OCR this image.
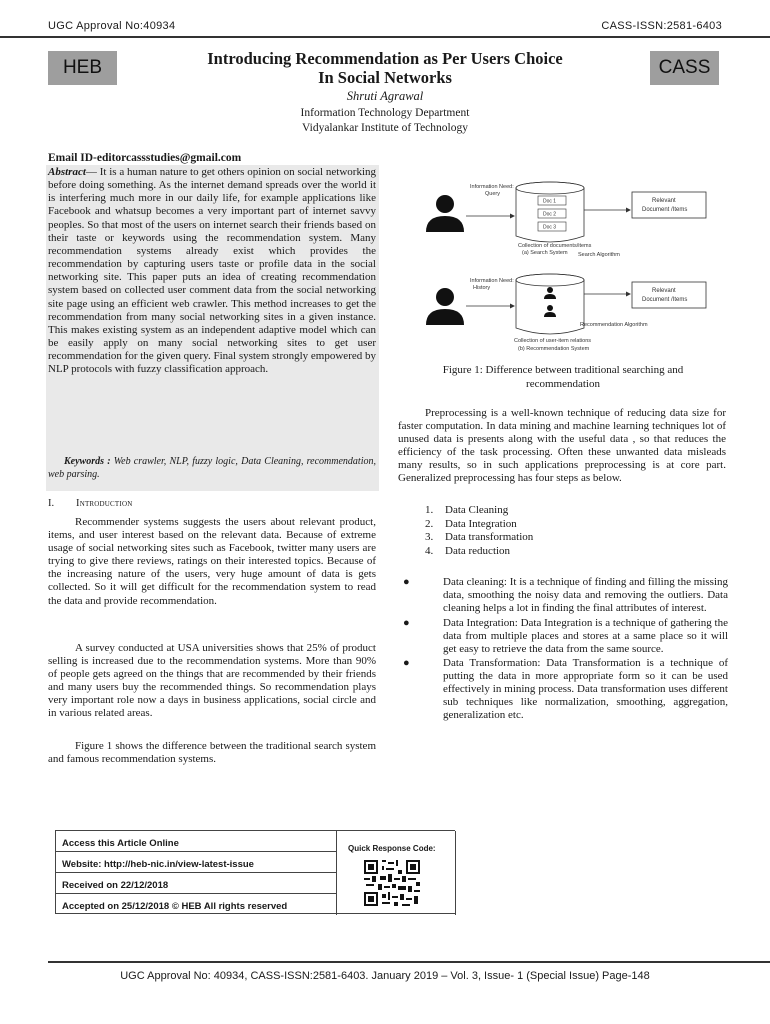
UGC Approval No:40934	CASS-ISSN:2581-6403
HEB	CASS
Introducing Recommendation as Per Users Choice
In Social Networks
Shruti Agrawal
Information Technology Department
Vidyalankar Institute of Technology
Email ID-editorcassstudies@gmail.com

Abstract— It is a human nature to get others opinion on social networking before doing something. As the internet demand spreads over the world it is interfering much more in our daily life, for example applications like Facebook and whatsup becomes a very important part of internet savvy peoples. So that most of the users on internet search their friends based on their taste or keywords using the recommendation system. Many recommendation systems already exist which provides the recommendation by capturing users taste or profile data in the social networking site. This paper puts an idea of creating recommendation system based on collected user comment data from the social networking site page using an efficient web crawler. This method increases to get the recommendation from many social networking sites in a given instance. This makes existing system as an independent adaptive model which can be easily apply on many social networking sites to get user recommendation for the given query. Final system strongly empowered by NLP protocols with fuzzy classification approach.

Keywords : Web crawler, NLP, fuzzy logic, Data Cleaning, recommendation, web parsing.

I. Introduction

Recommender systems suggests the users about relevant product, items, and user interest based on the relevant data. Because of extreme usage of social networking sites such as Facebook, twitter many users are trying to give there reviews, ratings on their interested topics. Because of the increasing nature of the users, very huge amount of data is gets collected. So it will get difficult for the recommendation system to read the data and provide recommendation.

A survey conducted at USA universities shows that 25% of product selling is increased due to the recommendation systems. More than 90% of people gets agreed on the things that are recommended by their friends and many users buy the recommended things. So recommendation plays very important role now a days in business applications, social circle and in various related areas.

Figure 1 shows the difference between the traditional search system and famous recommendation systems.

Information Need:
Query
Doc 1
Doc 2
Doc 3
Search Algorithm
Relevant
Document /Items
Collection of documents/items
(a) Search System
Information Need:
History
Recommendation Algorithm
Relevant
Document /Items
Collection of user-item relations
(b) Recommendation System
Figure 1: Difference between traditional searching and
recommendation

Preprocessing is a well-known technique of reducing data size for faster computation. In data mining and machine learning techniques lot of unused data is presents along with the useful data , so that reduces the efficiency of the task processing. Often these unwanted data misleads many results, so in such applications preprocessing is at core part. Generalized preprocessing has four steps as below.

1. Data Cleaning
2. Data Integration
3. Data transformation
4. Data reduction
●	Data cleaning: It is a technique of finding and filling the missing data, smoothing the noisy data and removing the outliers. Data cleaning helps a lot in finding the final attributes of interest.
●	Data Integration: Data Integration is a technique of gathering the data from multiple places and stores at a same place so it will get easy to retrieve the data from the same source.
●	Data Transformation: Data Transformation is a technique of putting the data in more appropriate form so it can be used effectively in mining process. Data transformation uses different sub techniques like normalization, smoothing, aggregation, generalization etc.
Access this Article Online
Website: http://heb-nic.in/view-latest-issue
Received on 22/12/2018
Accepted on 25/12/2018 © HEB All rights reserved
Quick Response Code:
UGC Approval No: 40934, CASS-ISSN:2581-6403. January 2019 – Vol. 3, Issue- 1 (Special Issue) Page-148
